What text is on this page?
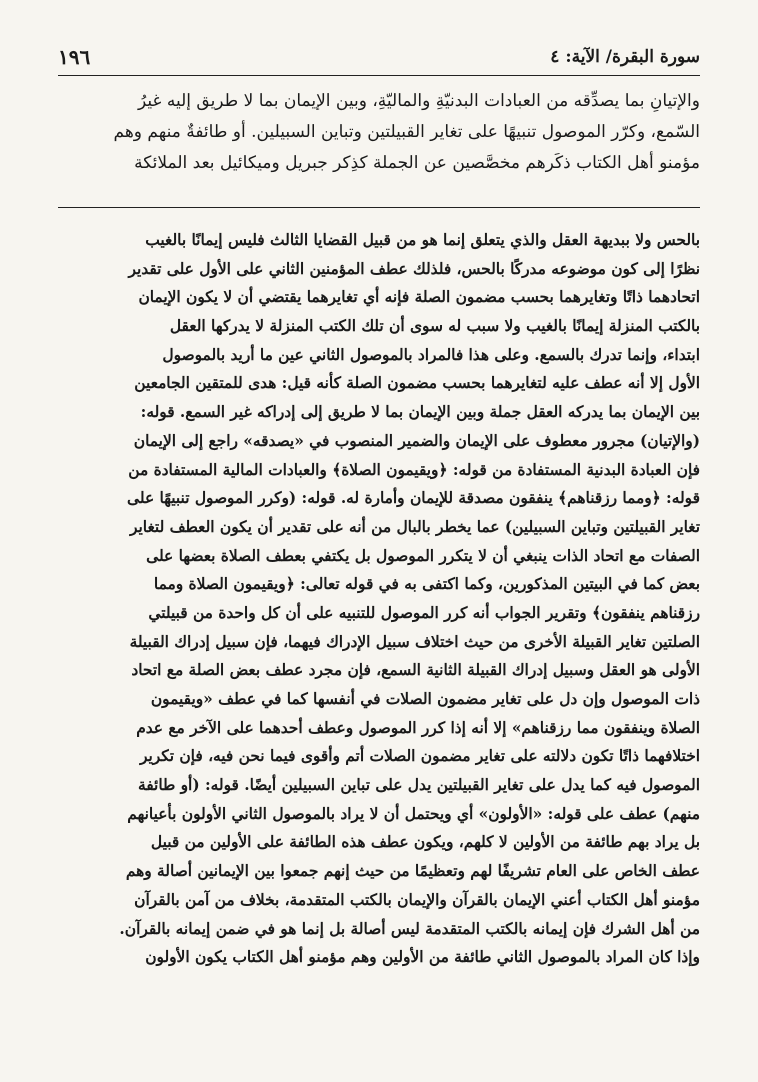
١٩٦	سورة البقرة/ الآية: ٤
والإتيانِ بما يصدِّقه من العبادات البدنيّةِ والماليّةِ، وبين الإيمان بما لا طريق إليه غيرُ
السّمع، وكرّر الموصول تنبيهًا على تغاير القبيلتين وتباين السبيلين. أو طائفةٌ منهم وهم
مؤمنو أهل الكتاب ذكَرهم مخصَّصين عن الجملة كذِكر جبريل وميكائيل بعد الملائكة
بالحس ولا ببديهة العقل والذي يتعلق إنما هو من قبيل القضايا الثالث فليس إيمانًا بالغيب
نظرًا إلى كون موضوعه مدركًا بالحس، فلذلك عطف المؤمنين الثاني على الأول على تقدير
اتحادهما ذاتًا وتغايرهما بحسب مضمون الصلة فإنه أي تغايرهما يقتضي أن لا يكون الإيمان
بالكتب المنزلة إيمانًا بالغيب ولا سبب له سوى أن تلك الكتب المنزلة لا يدركها العقل
ابتداء، وإنما تدرك بالسمع. وعلى هذا فالمراد بالموصول الثاني عين ما أريد بالموصول
الأول إلا أنه عطف عليه لتغايرهما بحسب مضمون الصلة كأنه قيل: هدى للمتقين الجامعين
بين الإيمان بما يدركه العقل جملة وبين الإيمان بما لا طريق إلى إدراكه غير السمع. قوله:
(والإتيان) مجرور معطوف على الإيمان والضمير المنصوب في «يصدقه» راجع إلى الإيمان
فإن العبادة البدنية المستفادة من قوله: ﴿ويقيمون الصلاة﴾ والعبادات المالية المستفادة من
قوله: ﴿ومما رزقناهم﴾ ينفقون مصدقة للإيمان وأمارة له. قوله: (وكرر الموصول تنبيهًا على
تغاير القبيلتين وتباين السبيلين) عما يخطر بالبال من أنه على تقدير أن يكون العطف لتغاير
الصفات مع اتحاد الذات ينبغي أن لا يتكرر الموصول بل يكتفي بعطف الصلاة بعضها على
بعض كما في البيتين المذكورين، وكما اكتفى به في قوله تعالى: ﴿ويقيمون الصلاة ومما
رزقناهم ينفقون﴾ وتقرير الجواب أنه كرر الموصول للتنبيه على أن كل واحدة من قبيلتي
الصلتين تغاير القبيلة الأخرى من حيث اختلاف سبيل الإدراك فيهما، فإن سبيل إدراك القبيلة
الأولى هو العقل وسبيل إدراك القبيلة الثانية السمع، فإن مجرد عطف بعض الصلة مع اتحاد
ذات الموصول وإن دل على تغاير مضمون الصلات في أنفسها كما في عطف «ويقيمون
الصلاة وينفقون مما رزقناهم» إلا أنه إذا كرر الموصول وعطف أحدهما على الآخر مع عدم
اختلافهما ذاتًا تكون دلالته على تغاير مضمون الصلات أتم وأقوى فيما نحن فيه، فإن تكرير
الموصول فيه كما يدل على تغاير القبيلتين يدل على تباين السبيلين أيضًا. قوله: (أو طائفة
منهم) عطف على قوله: «الأولون» أي ويحتمل أن لا يراد بالموصول الثاني الأولون بأعيانهم
بل يراد بهم طائفة من الأولين لا كلهم، ويكون عطف هذه الطائفة على الأولين من قبيل
عطف الخاص على العام تشريفًا لهم وتعظيمًا من حيث إنهم جمعوا بين الإيمانين أصالة وهم
مؤمنو أهل الكتاب أعني الإيمان بالقرآن والإيمان بالكتب المتقدمة، بخلاف من آمن بالقرآن
من أهل الشرك فإن إيمانه بالكتب المتقدمة ليس أصالة بل إنما هو في ضمن إيمانه بالقرآن.
وإذا كان المراد بالموصول الثاني طائفة من الأولين وهم مؤمنو أهل الكتاب يكون الأولون
